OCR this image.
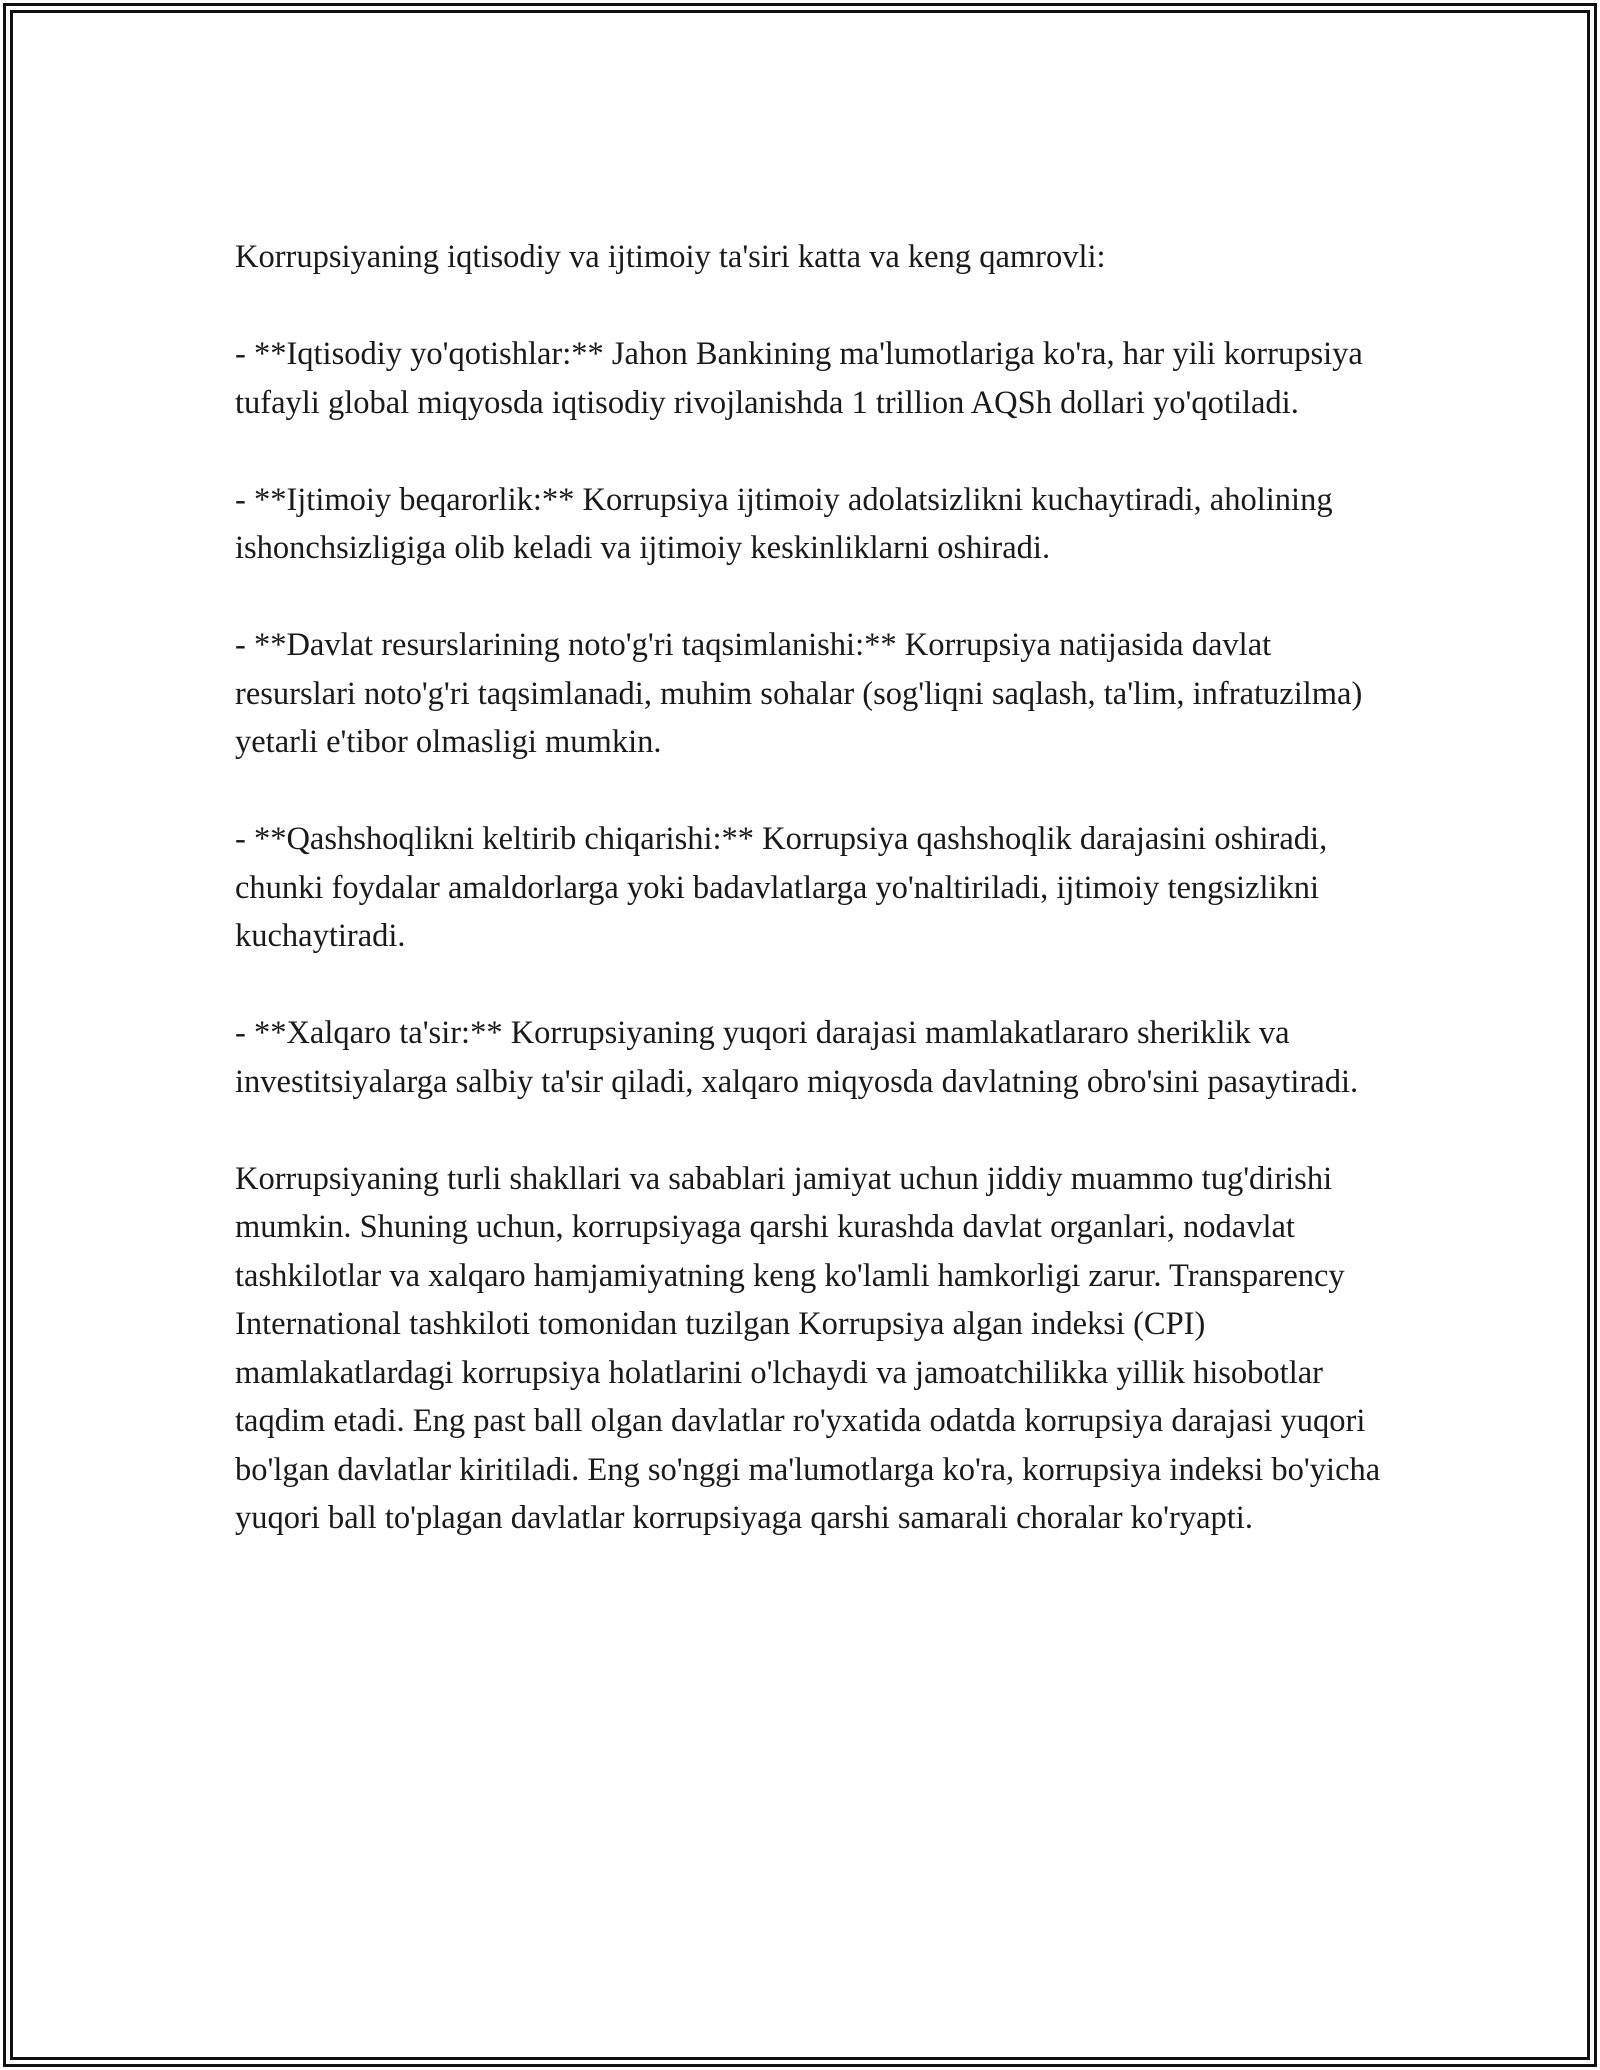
Korrupsiyaning iqtisodiy va ijtimoiy ta'siri katta va keng qamrovli:

- **Iqtisodiy yo'qotishlar:** Jahon Bankining ma'lumotlariga ko'ra, har yili korrupsiya tufayli global miqyosda iqtisodiy rivojlanishda 1 trillion AQSh dollari yo'qotiladi.

- **Ijtimoiy beqarorlik:** Korrupsiya ijtimoiy adolatsizlikni kuchaytiradi, aholining ishonchsizligiga olib keladi va ijtimoiy keskinliklarni oshiradi.

- **Davlat resurslarining noto'g'ri taqsimlanishi:** Korrupsiya natijasida davlat resurslari noto'g'ri taqsimlanadi, muhim sohalar (sog'liqni saqlash, ta'lim, infratuzilma) yetarli e'tibor olmasligi mumkin.

- **Qashshoqlikni keltirib chiqarishi:** Korrupsiya qashshoqlik darajasini oshiradi, chunki foydalar amaldorlarga yoki badavlatlarga yo'naltiriladi, ijtimoiy tengsizlikni kuchaytiradi.

- **Xalqaro ta'sir:** Korrupsiyaning yuqori darajasi mamlakatlararo sheriklik va investitsiyalarga salbiy ta'sir qiladi, xalqaro miqyosda davlatning obro'sini pasaytiradi.

Korrupsiyaning turli shakllari va sabablari jamiyat uchun jiddiy muammo tug'dirishi mumkin. Shuning uchun, korrupsiyaga qarshi kurashda davlat organlari, nodavlat tashkilotlar va xalqaro hamjamiyatning keng ko'lamli hamkorligi zarur. Transparency International tashkiloti tomonidan tuzilgan Korrupsiya algan indeksi (CPI) mamlakatlardagi korrupsiya holatlarini o'lchaydi va jamoatchilikka yillik hisobotlar taqdim etadi. Eng past ball olgan davlatlar ro'yxatida odatda korrupsiya darajasi yuqori bo'lgan davlatlar kiritiladi. Eng so'nggi ma'lumotlarga ko'ra, korrupsiya indeksi bo'yicha yuqori ball to'plagan davlatlar korrupsiyaga qarshi samarali choralar ko'ryapti.
